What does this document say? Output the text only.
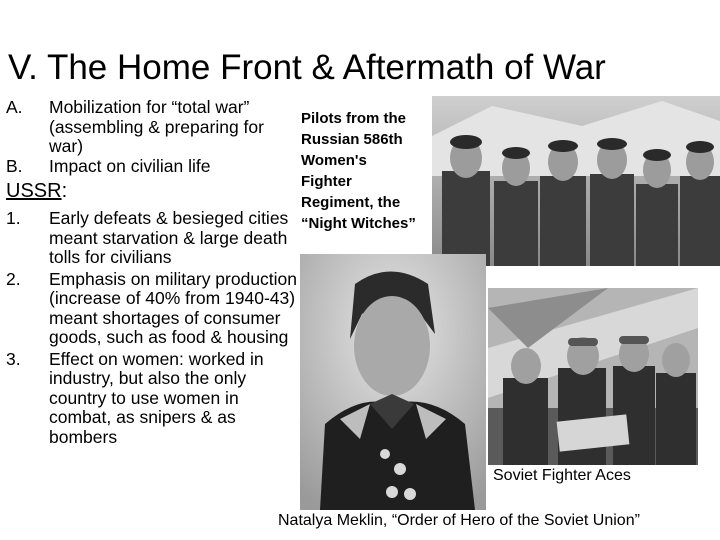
V. The Home Front & Aftermath of War
A. Mobilization for “total war” (assembling & preparing for war)
B. Impact on civilian life
USSR:
1. Early defeats & besieged cities meant starvation & large death tolls for civilians
2. Emphasis on military production (increase of 40% from 1940-43) meant shortages of consumer goods, such as food & housing
3. Effect on women: worked in industry, but also the only country to use women in combat, as snipers & as bombers
Pilots from the
Russian 586th
Women's
Fighter
Regiment, the
“Night Witches”
Soviet Fighter Aces
Natalya Meklin, “Order of Hero of the Soviet Union”
